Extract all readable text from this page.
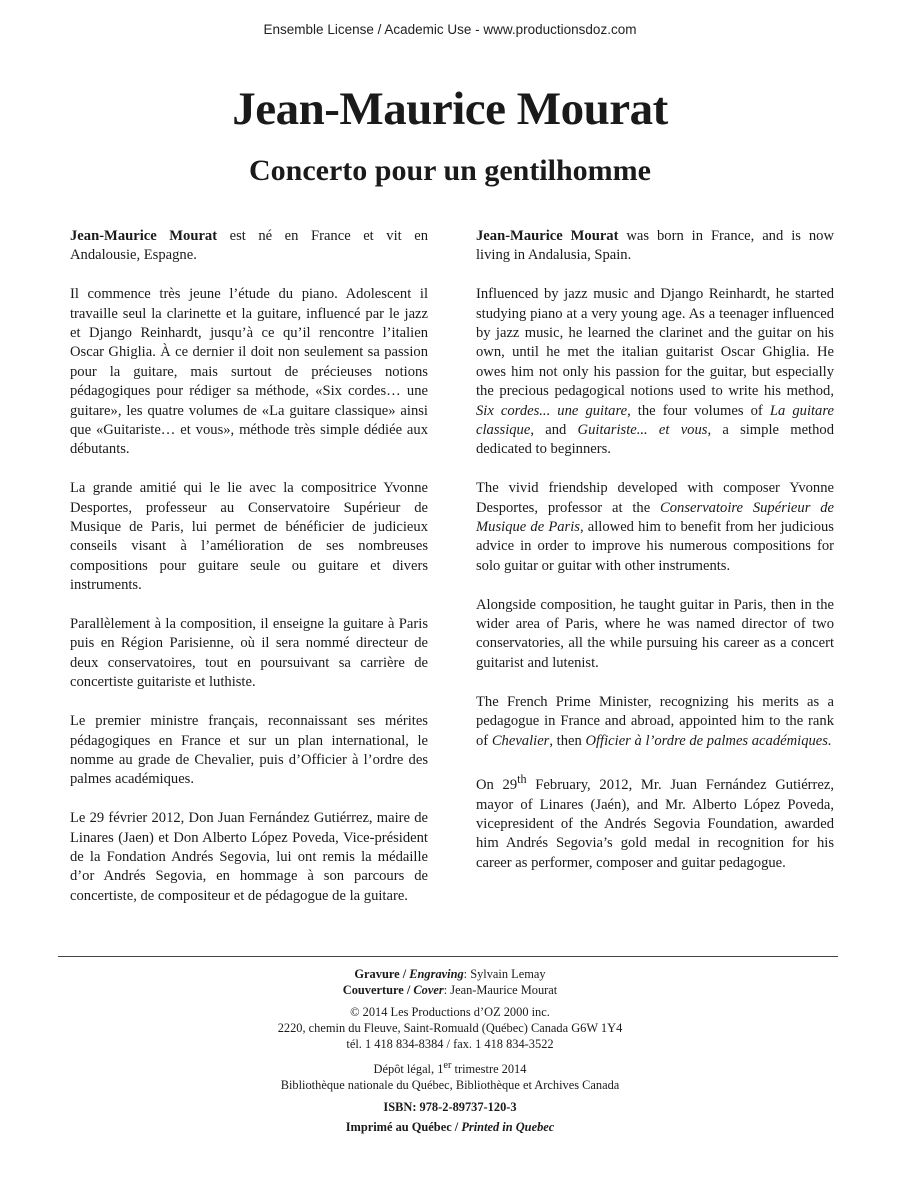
Ensemble License / Academic Use - www.productionsdoz.com
Jean-Maurice Mourat
Concerto pour un gentilhomme

Jean-Maurice Mourat est né en France et vit en Andalousie, Espagne.

Il commence très jeune l’étude du piano. Adolescent il travaille seul la clarinette et la guitare, influencé par le jazz et Django Reinhardt, jusqu’à ce qu’il rencontre l’italien Oscar Ghiglia. À ce dernier il doit non seulement sa passion pour la guitare, mais surtout de précieuses notions pédagogiques pour rédiger sa méthode, «Six cordes… une guitare», les quatre volumes de «La guitare classique» ainsi que «Guitariste… et vous», méthode très simple dédiée aux débutants.

La grande amitié qui le lie avec la compositrice Yvonne Desportes, professeur au Conservatoire Supérieur de Musique de Paris, lui permet de bénéficier de judicieux conseils visant à l’amélioration de ses nombreuses compositions pour guitare seule ou guitare et divers instruments.

Parallèlement à la composition, il enseigne la guitare à Paris puis en Région Parisienne, où il sera nommé directeur de deux conservatoires, tout en poursuivant sa carrière de concertiste guitariste et luthiste.

Le premier ministre français, reconnaissant ses mérites pédagogiques en France et sur un plan international, le nomme au grade de Chevalier, puis d’Officier à l’ordre des palmes académiques.

Le 29 février 2012, Don Juan Fernández Gutiérrez, maire de Linares (Jaen) et Don Alberto López Poveda, Vice-président de la Fondation Andrés Segovia, lui ont remis la médaille d’or Andrés Segovia, en hommage à son parcours de concertiste, de compositeur et de pédagogue de la guitare.

Jean-Maurice Mourat was born in France, and is now living in Andalusia, Spain.

Influenced by jazz music and Django Reinhardt, he started studying piano at a very young age. As a teenager influenced by jazz music, he learned the clarinet and the guitar on his own, until he met the italian guitarist Oscar Ghiglia. He owes him not only his passion for the guitar, but especially the precious pedagogical notions used to write his method, Six cordes... une guitare, the four volumes of La guitare classique, and Guitariste... et vous, a simple method dedicated to beginners.

The vivid friendship developed with composer Yvonne Desportes, professor at the Conservatoire Supérieur de Musique de Paris, allowed him to benefit from her judicious advice in order to improve his numerous compositions for solo guitar or guitar with other instruments.

Alongside composition, he taught guitar in Paris, then in the wider area of Paris, where he was named director of two conservatories, all the while pursuing his career as a concert guitarist and lutenist.

The French Prime Minister, recognizing his merits as a pedagogue in France and abroad, appointed him to the rank of Chevalier, then Officier à l’ordre de palmes académiques.

On 29th February, 2012, Mr. Juan Fernández Gutiérrez, mayor of Linares (Jaén), and Mr. Alberto López Poveda, vicepresident of the Andrés Segovia Foundation, awarded him Andrés Segovia’s gold medal in recognition for his career as performer, composer and guitar pedagogue.

Gravure / Engraving: Sylvain Lemay
Couverture / Cover: Jean-Maurice Mourat
© 2014 Les Productions d’OZ 2000 inc.
2220, chemin du Fleuve, Saint-Romuald (Québec) Canada G6W 1Y4
tél. 1 418 834-8384 / fax. 1 418 834-3522
Dépôt légal, 1er trimestre 2014
Bibliothèque nationale du Québec, Bibliothèque et Archives Canada
ISBN: 978-2-89737-120-3
Imprimé au Québec / Printed in Quebec
